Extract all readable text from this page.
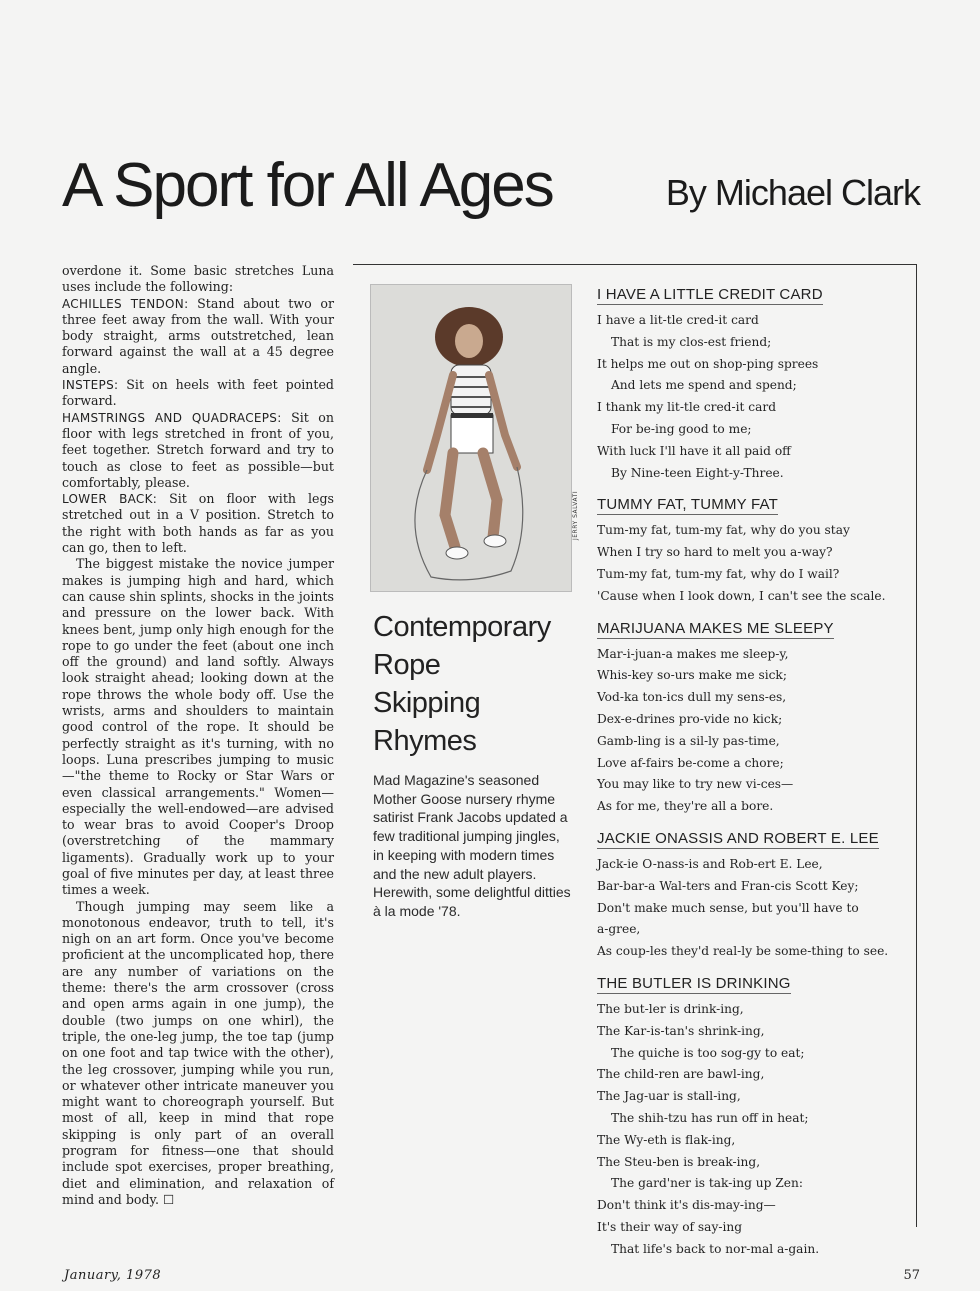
A Sport for All Ages	By Michael Clark

overdone it. Some basic stretches Luna uses include the following:

ACHILLES TENDON: Stand about two or three feet away from the wall. With your body straight, arms outstretched, lean forward against the wall at a 45 degree angle.

INSTEPS: Sit on heels with feet pointed forward.

HAMSTRINGS AND QUADRACEPS: Sit on floor with legs stretched in front of you, feet together. Stretch forward and try to touch as close to feet as possible—but comfortably, please.

LOWER BACK: Sit on floor with legs stretched out in a V position. Stretch to the right with both hands as far as you can go, then to left.

The biggest mistake the novice jumper makes is jumping high and hard, which can cause shin splints, shocks in the joints and pressure on the lower back. With knees bent, jump only high enough for the rope to go under the feet (about one inch off the ground) and land softly. Always look straight ahead; looking down at the rope throws the whole body off. Use the wrists, arms and shoulders to maintain good control of the rope. It should be perfectly straight as it's turning, with no loops. Luna prescribes jumping to music—"the theme to Rocky or Star Wars or even classical arrangements." Women—especially the well-endowed—are advised to wear bras to avoid Cooper's Droop (overstretching of the mammary ligaments). Gradually work up to your goal of five minutes per day, at least three times a week.

Though jumping may seem like a monotonous endeavor, truth to tell, it's nigh on an art form. Once you've become proficient at the uncomplicated hop, there are any number of variations on the theme: there's the arm crossover (cross and open arms again in one jump), the double (two jumps on one whirl), the triple, the one-leg jump, the toe tap (jump on one foot and tap twice with the other), the leg crossover, jumping while you run, or whatever other intricate maneuver you might want to choreograph yourself. But most of all, keep in mind that rope skipping is only part of an overall program for fitness—one that should include spot exercises, proper breathing, diet and elimination, and relaxation of mind and body. ☐

JERRY SALVATI
Contemporary
Rope
Skipping
Rhymes
Mad Magazine's seasoned Mother Goose nursery rhyme satirist Frank Jacobs updated a few traditional jumping jingles, in keeping with modern times and the new adult players. Herewith, some delightful ditties à la mode '78.
I HAVE A LITTLE CREDIT CARD
I have a lit-tle cred-it card
That is my clos-est friend;
It helps me out on shop-ping sprees
And lets me spend and spend;
I thank my lit-tle cred-it card
For be-ing good to me;
With luck I'll have it all paid off
By Nine-teen Eight-y-Three.
TUMMY FAT, TUMMY FAT
Tum-my fat, tum-my fat, why do you stay
When I try so hard to melt you a-way?
Tum-my fat, tum-my fat, why do I wail?
'Cause when I look down, I can't see the scale.
MARIJUANA MAKES ME SLEEPY
Mar-i-juan-a makes me sleep-y,
Whis-key so-urs make me sick;
Vod-ka ton-ics dull my sens-es,
Dex-e-drines pro-vide no kick;
Gamb-ling is a sil-ly pas-time,
Love af-fairs be-come a chore;
You may like to try new vi-ces—
As for me, they're all a bore.
JACKIE ONASSIS AND ROBERT E. LEE
Jack-ie O-nass-is and Rob-ert E. Lee,
Bar-bar-a Wal-ters and Fran-cis Scott Key;
Don't make much sense, but you'll have to
a-gree,
As coup-les they'd real-ly be some-thing to see.
THE BUTLER IS DRINKING
The but-ler is drink-ing,
The Kar-is-tan's shrink-ing,
The quiche is too sog-gy to eat;
The child-ren are bawl-ing,
The Jag-uar is stall-ing,
The shih-tzu has run off in heat;
The Wy-eth is flak-ing,
The Steu-ben is break-ing,
The gard'ner is tak-ing up Zen:
Don't think it's dis-may-ing—
It's their way of say-ing
That life's back to nor-mal a-gain.
January, 1978	57
